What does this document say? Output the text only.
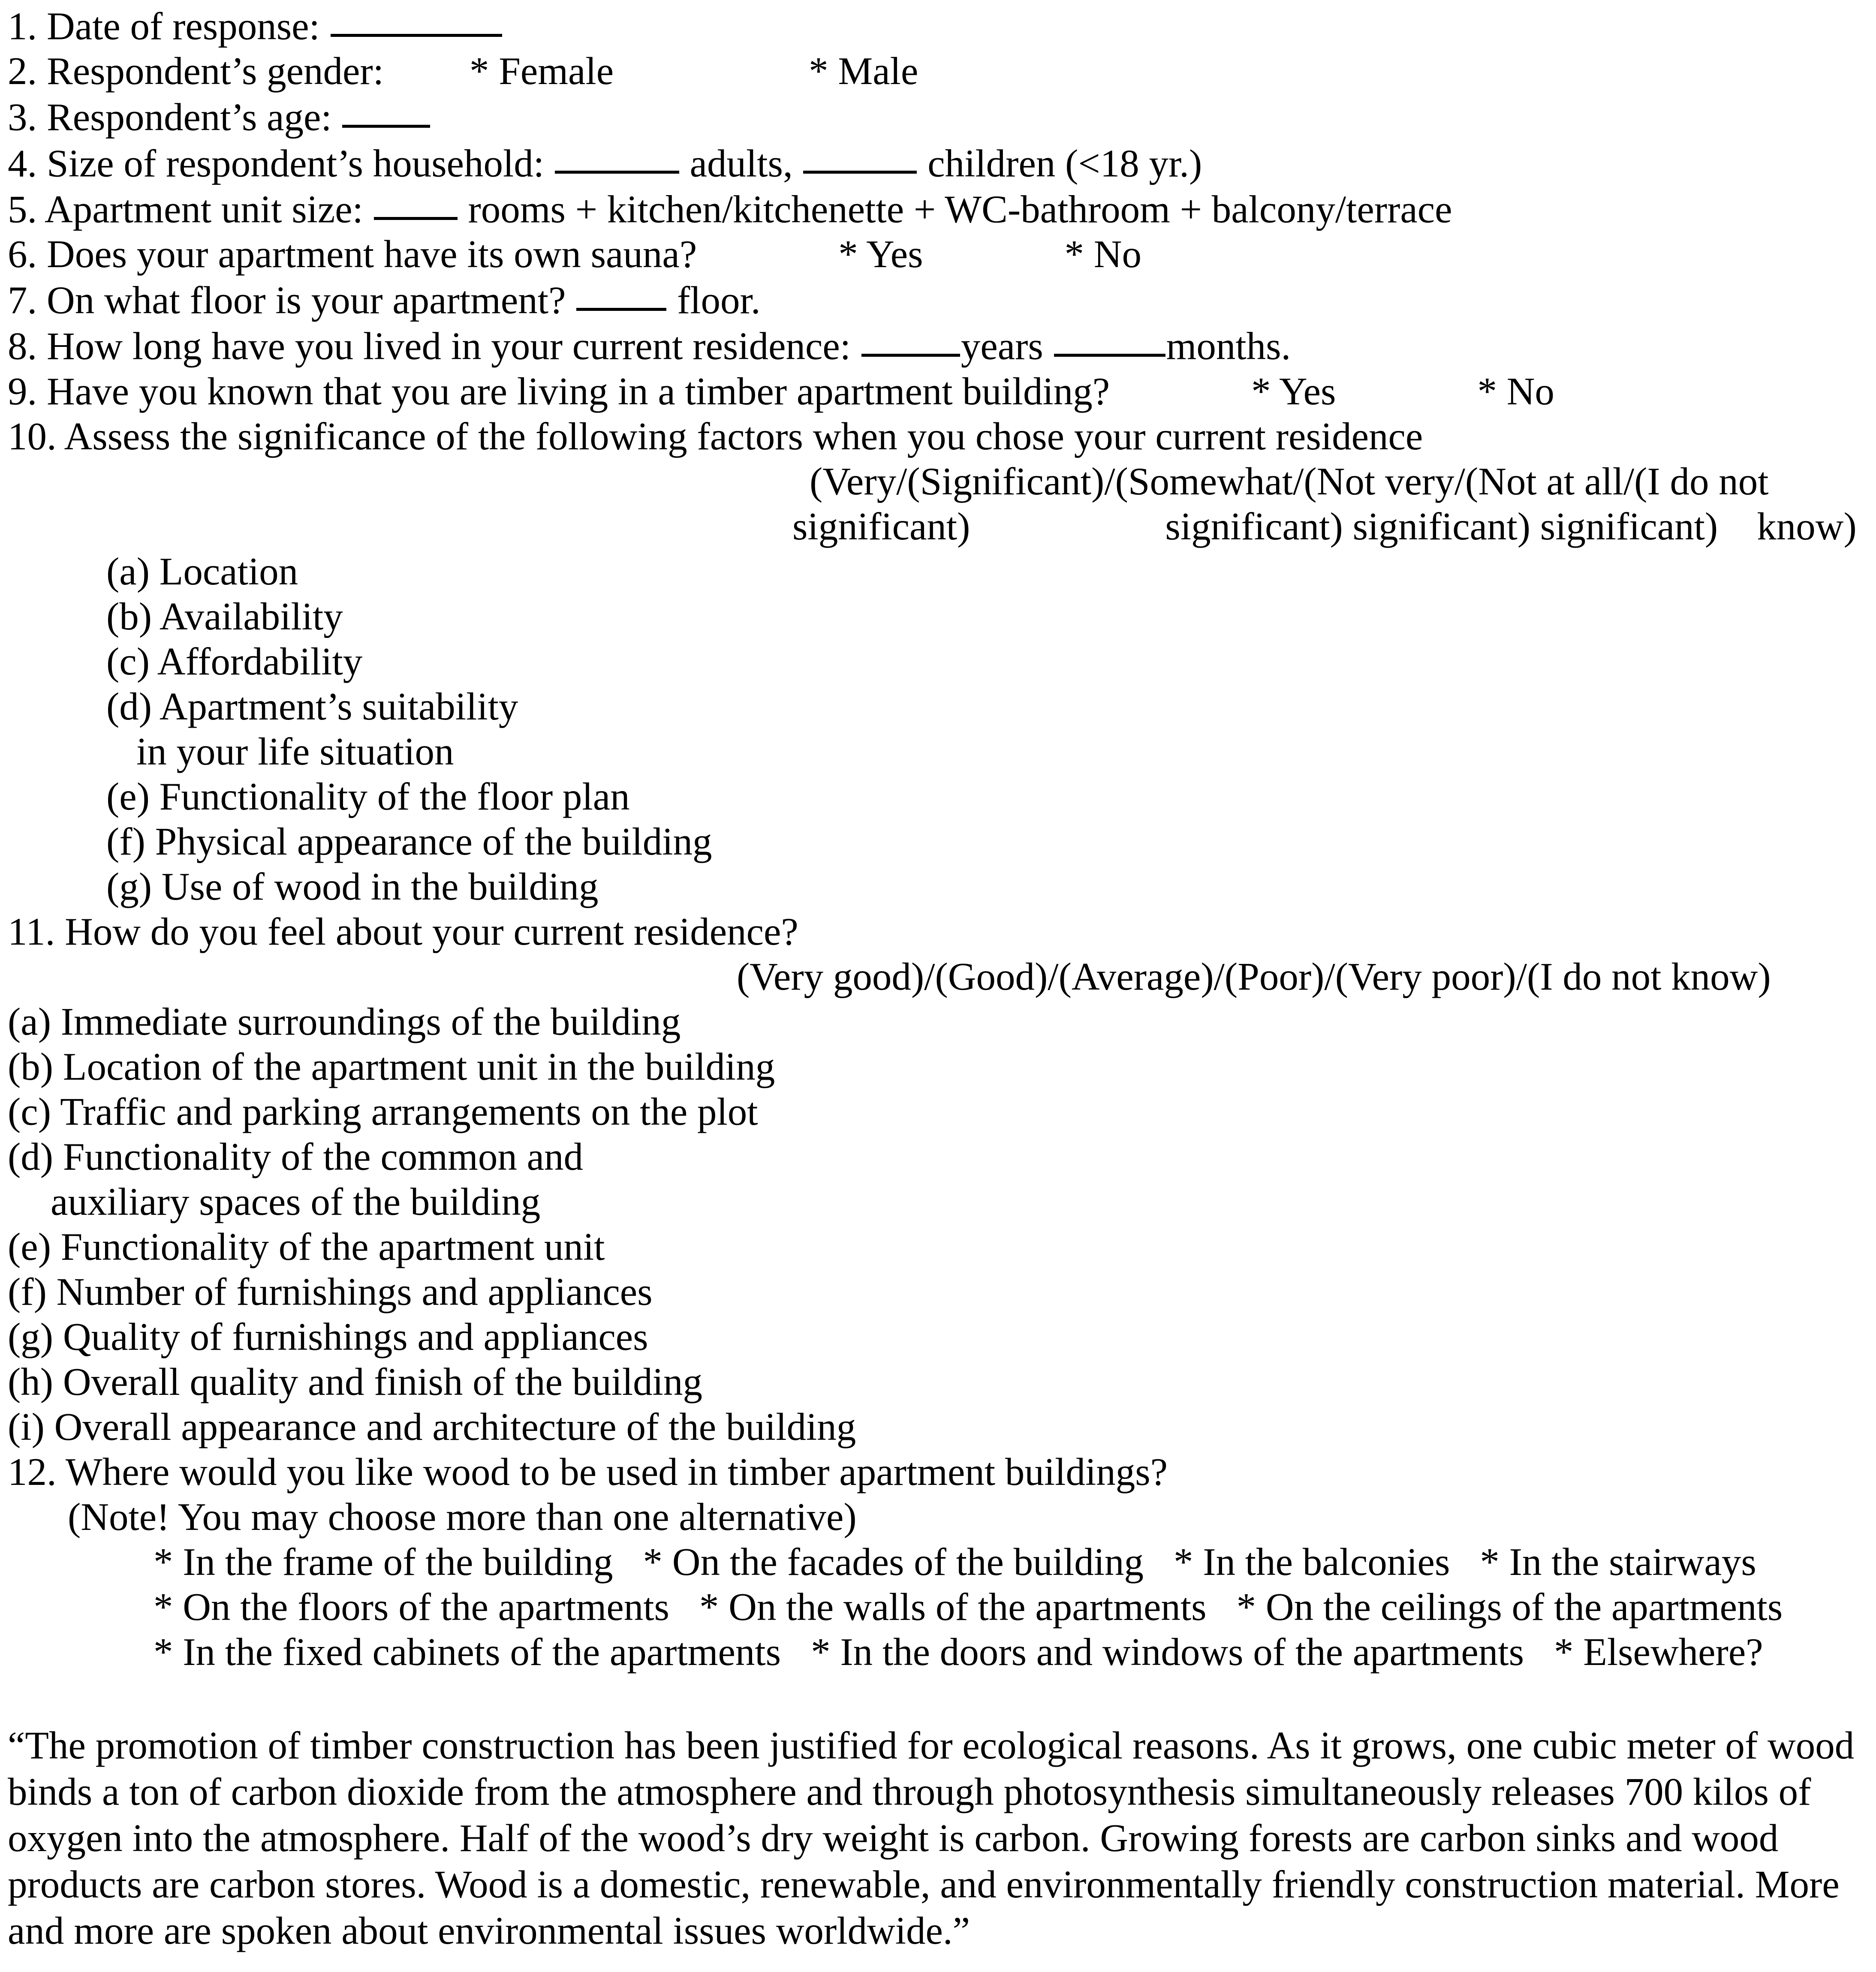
1. Date of response:
2. Respondent’s gender: * Female	* Male
3. Respondent’s age:
4. Size of respondent’s household:	adults,	children (<18 yr.)
5. Apartment unit size:	rooms + kitchen/kitchenette + WC-bathroom + balcony/terrace
6. Does your apartment have its own sauna?	* Yes	* No
7. On what floor is your apartment?	floor.
8. How long have you lived in your current residence:	years	months.
9. Have you known that you are living in a timber apartment building?	* Yes	* No
10. Assess the significance of the following factors when you chose your current residence
(Very/(Significant)/(Somewhat/(Not very/(Not at all/(I do not
significant)                    significant) significant) significant)    know)
(a) Location
(b) Availability
(c) Affordability
(d) Apartment’s suitability
in your life situation
(e) Functionality of the floor plan
(f) Physical appearance of the building
(g) Use of wood in the building
11. How do you feel about your current residence?
(Very good)/(Good)/(Average)/(Poor)/(Very poor)/(I do not know)
(a) Immediate surroundings of the building
(b) Location of the apartment unit in the building
(c) Traffic and parking arrangements on the plot
(d) Functionality of the common and
auxiliary spaces of the building
(e) Functionality of the apartment unit
(f) Number of furnishings and appliances
(g) Quality of furnishings and appliances
(h) Overall quality and finish of the building
(i) Overall appearance and architecture of the building
12. Where would you like wood to be used in timber apartment buildings?
(Note! You may choose more than one alternative)
* In the frame of the building * On the facades of the building * In the balconies * In the stairways
* On the floors of the apartments * On the walls of the apartments * On the ceilings of the apartments
* In the fixed cabinets of the apartments * In the doors and windows of the apartments * Elsewhere?

“The promotion of timber construction has been justified for ecological reasons. As it grows, one cubic meter of wood binds a ton of carbon dioxide from the atmosphere and through photosynthesis simultaneously releases 700 kilos of oxygen into the atmosphere. Half of the wood’s dry weight is carbon. Growing forests are carbon sinks and wood products are carbon stores. Wood is a domestic, renewable, and environmentally friendly construction material. More and more are spoken about environmental issues worldwide.”
